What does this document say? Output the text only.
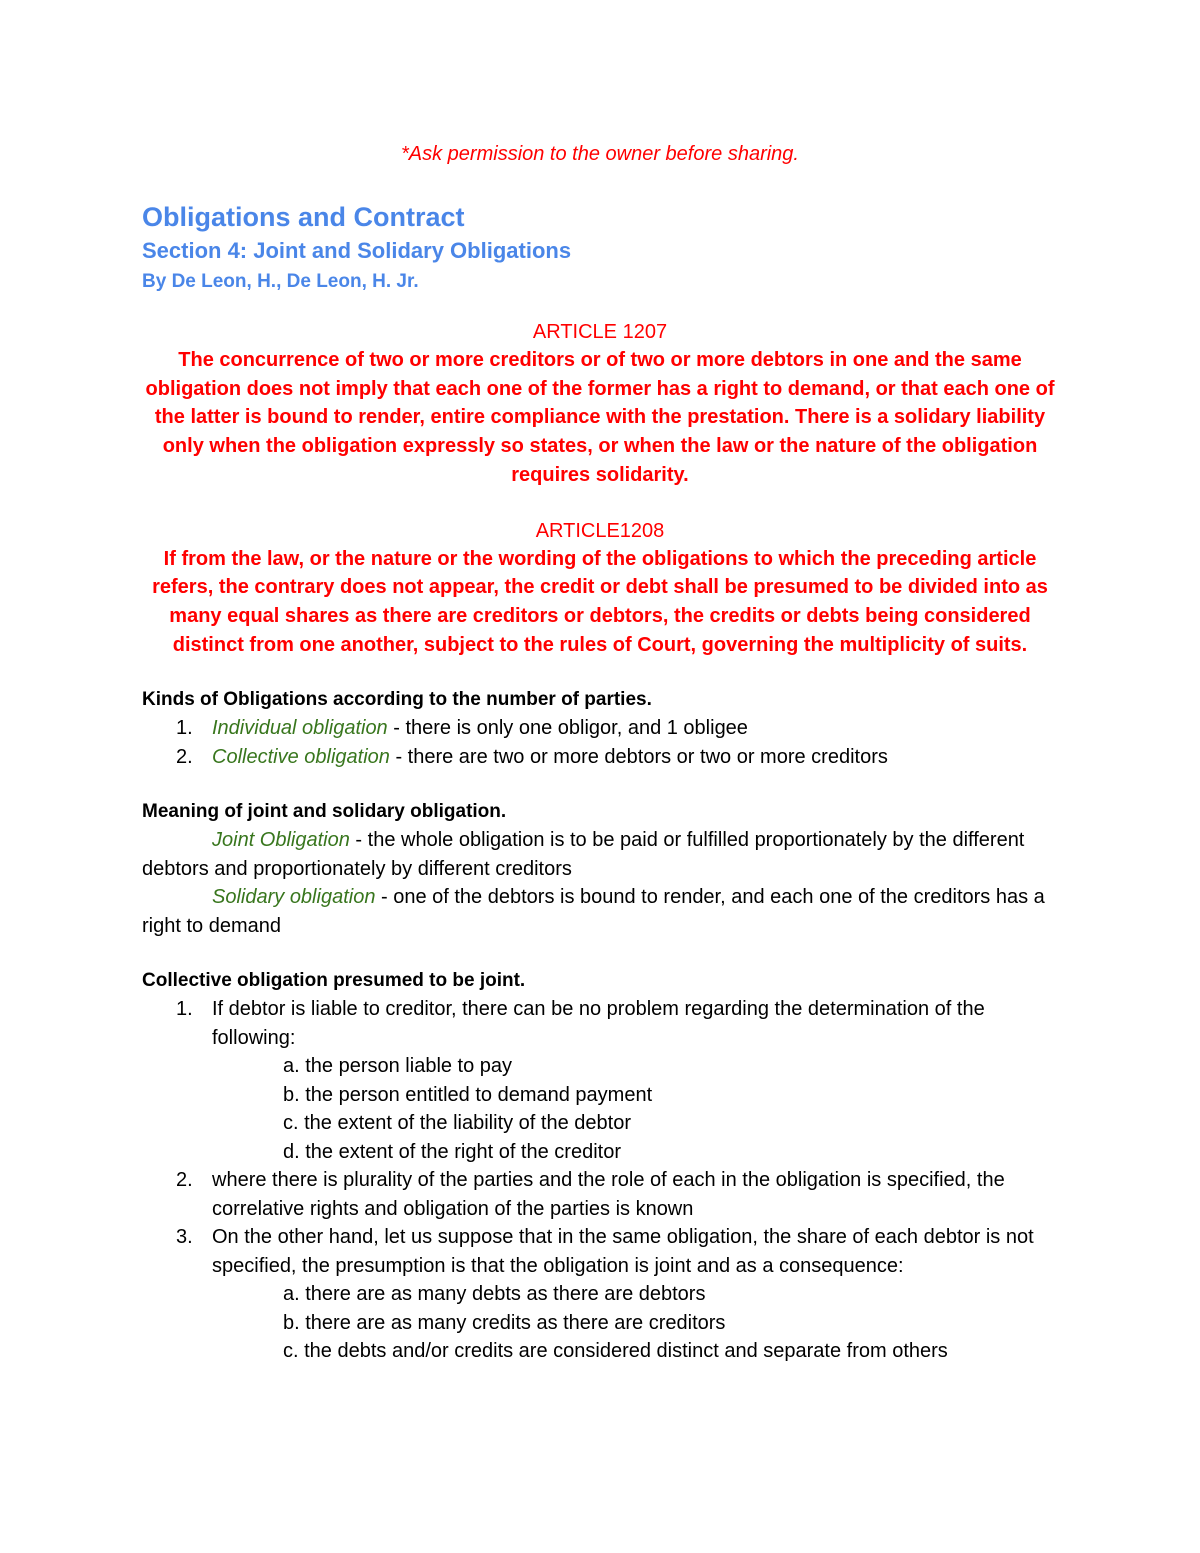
*Ask permission to the owner before sharing.
Obligations and Contract
Section 4: Joint and Solidary Obligations
By De Leon, H., De Leon, H. Jr.
ARTICLE 1207
The concurrence of two or more creditors or of two or more debtors in one and the same obligation does not imply that each one of the former has a right to demand, or that each one of the latter is bound to render, entire compliance with the prestation. There is a solidary liability only when the obligation expressly so states, or when the law or the nature of the obligation requires solidarity.
ARTICLE1208
If from the law, or the nature or the wording of the obligations to which the preceding article refers, the contrary does not appear, the credit or debt shall be presumed to be divided into as many equal shares as there are creditors or debtors, the credits or debts being considered distinct from one another, subject to the rules of Court, governing the multiplicity of suits.
Kinds of Obligations according to the number of parties.
1. Individual obligation - there is only one obligor, and 1 obligee
2. Collective obligation - there are two or more debtors or two or more creditors
Meaning of joint and solidary obligation.
Joint Obligation - the whole obligation is to be paid or fulfilled proportionately by the different debtors and proportionately by different creditors
Solidary obligation - one of the debtors is bound to render, and each one of the creditors has a right to demand
Collective obligation presumed to be joint.
1. If debtor is liable to creditor, there can be no problem regarding the determination of the following:
a. the person liable to pay
b. the person entitled to demand payment
c. the extent of the liability of the debtor
d. the extent of the right of the creditor
2. where there is plurality of the parties and the role of each in the obligation is specified, the correlative rights and obligation of the parties is known
3. On the other hand, let us suppose that in the same obligation, the share of each debtor is not specified, the presumption is that the obligation is joint and as a consequence:
a. there are as many debts as there are debtors
b. there are as many credits as there are creditors
c. the debts and/or credits are considered distinct and separate from others
